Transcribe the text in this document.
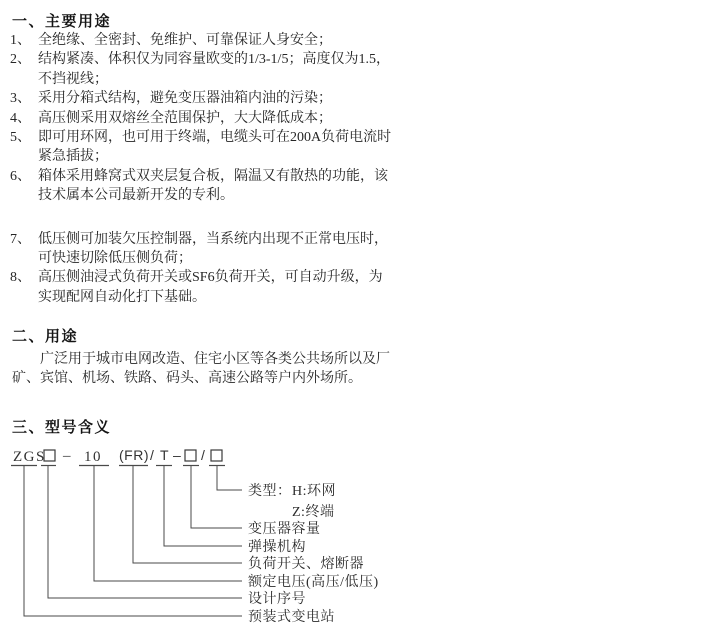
一、主要用途
1、 全绝缘、全密封、免维护、可靠保证人身安全；
2、 结构紧凑、体积仅为同容量欧变的1/3-1/5；高度仅为1.5，
不挡视线；
3、 采用分箱式结构，避免变压器油箱内油的污染；
4、 高压侧采用双熔丝全范围保护，大大降低成本；
5、 即可用环网，也可用于终端，电缆头可在200A负荷电流时
紧急插拔；
6、 箱体采用蜂窝式双夹层复合板，隔温又有散热的功能，该
技术属本公司最新开发的专利。
7、 低压侧可加装欠压控制器，当系统内出现不正常电压时，
可快速切除低压侧负荷；
8、 高压侧油浸式负荷开关或SF6负荷开关，可自动升级，为
实现配网自动化打下基础。
二、用途
广泛用于城市电网改造、住宅小区等各类公共场所以及厂
矿、宾馆、机场、铁路、码头、高速公路等户内外场所。
三、型号含义
ZGS – 10 (FR) / T – /
类型： H:环网
Z:终端
变压器容量
弹操机构
负荷开关、熔断器
额定电压(高压/低压)
设计序号
预装式变电站
